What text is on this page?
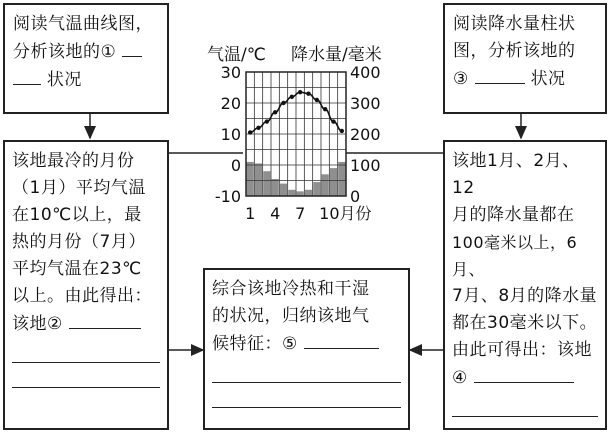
阅读气温曲线图，
分析该地的①
状况
阅读降水量柱状
图，分析该地的
③	状况
该地最冷的月份
（1月）平均气温
在10℃以上，最
热的月份（7月）
平均气温在23℃
以上。由此得出：
该地②
该地1月、2月、12
月的降水量都在
100毫米以上，6月、
7月、8月的降水量
都在30毫米以下。
由此可得出：该地
④
综合该地冷热和干湿
的状况，归纳该地气
候特征：⑤
30
20
10
0
-10
400
300
200
100
0
1 4 7 10月份
气温/℃ 降水量/毫米
